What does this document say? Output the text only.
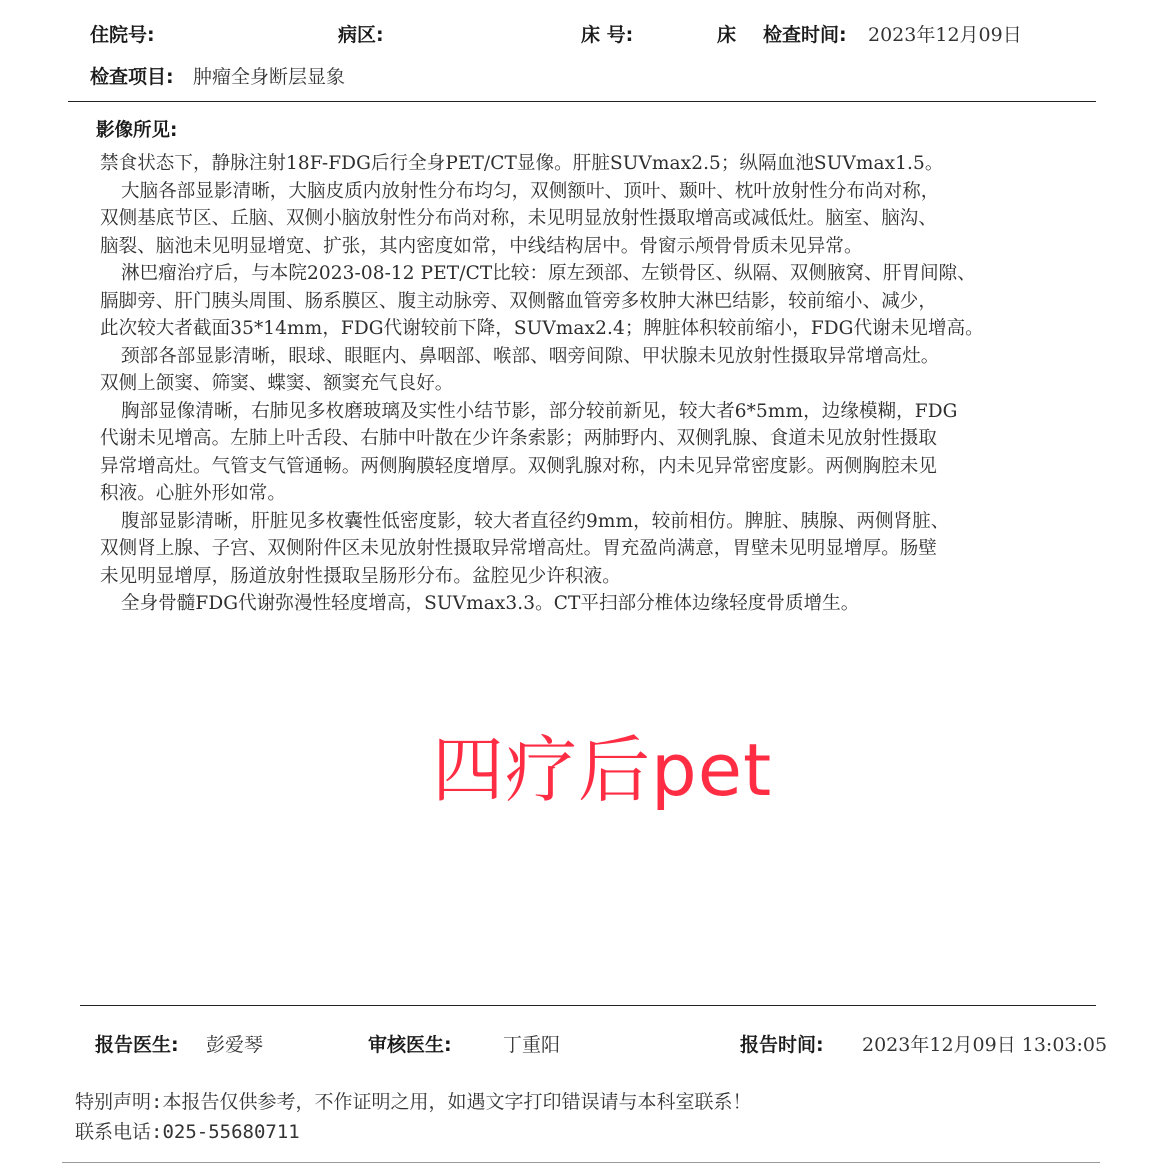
住院号:	病区:	床 号:	床 检查时间: 2023年12月09日
检查项目: 肿瘤全身断层显象
影像所见:

禁食状态下，静脉注射18F-FDG后行全身PET/CT显像。肝脏SUVmax2.5；纵隔血池SUVmax1.5。

大脑各部显影清晰，大脑皮质内放射性分布均匀，双侧额叶、顶叶、颞叶、枕叶放射性分布尚对称，

双侧基底节区、丘脑、双侧小脑放射性分布尚对称，未见明显放射性摄取增高或减低灶。脑室、脑沟、

脑裂、脑池未见明显增宽、扩张，其内密度如常，中线结构居中。骨窗示颅骨骨质未见异常。

淋巴瘤治疗后，与本院2023-08-12 PET/CT比较：原左颈部、左锁骨区、纵隔、双侧腋窝、肝胃间隙、

膈脚旁、肝门胰头周围、肠系膜区、腹主动脉旁、双侧髂血管旁多枚肿大淋巴结影，较前缩小、减少，

此次较大者截面35*14mm，FDG代谢较前下降，SUVmax2.4；脾脏体积较前缩小，FDG代谢未见增高。

颈部各部显影清晰，眼球、眼眶内、鼻咽部、喉部、咽旁间隙、甲状腺未见放射性摄取异常增高灶。

双侧上颌窦、筛窦、蝶窦、额窦充气良好。

胸部显像清晰，右肺见多枚磨玻璃及实性小结节影，部分较前新见，较大者6*5mm，边缘模糊，FDG

代谢未见增高。左肺上叶舌段、右肺中叶散在少许条索影；两肺野内、双侧乳腺、食道未见放射性摄取

异常增高灶。气管支气管通畅。两侧胸膜轻度增厚。双侧乳腺对称，内未见异常密度影。两侧胸腔未见

积液。心脏外形如常。

腹部显影清晰，肝脏见多枚囊性低密度影，较大者直径约9mm，较前相仿。脾脏、胰腺、两侧肾脏、

双侧肾上腺、子宫、双侧附件区未见放射性摄取异常增高灶。胃充盈尚满意，胃壁未见明显增厚。肠壁

未见明显增厚，肠道放射性摄取呈肠形分布。盆腔见少许积液。

全身骨髓FDG代谢弥漫性轻度增高，SUVmax3.3。CT平扫部分椎体边缘轻度骨质增生。

四疗后pet
报告医生: 彭爱琴	审核医生:	丁重阳	报告时间: 2023年12月09日 13:03:05
特别声明:本报告仅供参考，不作证明之用，如遇文字打印错误请与本科室联系！
联系电话:025-55680711
